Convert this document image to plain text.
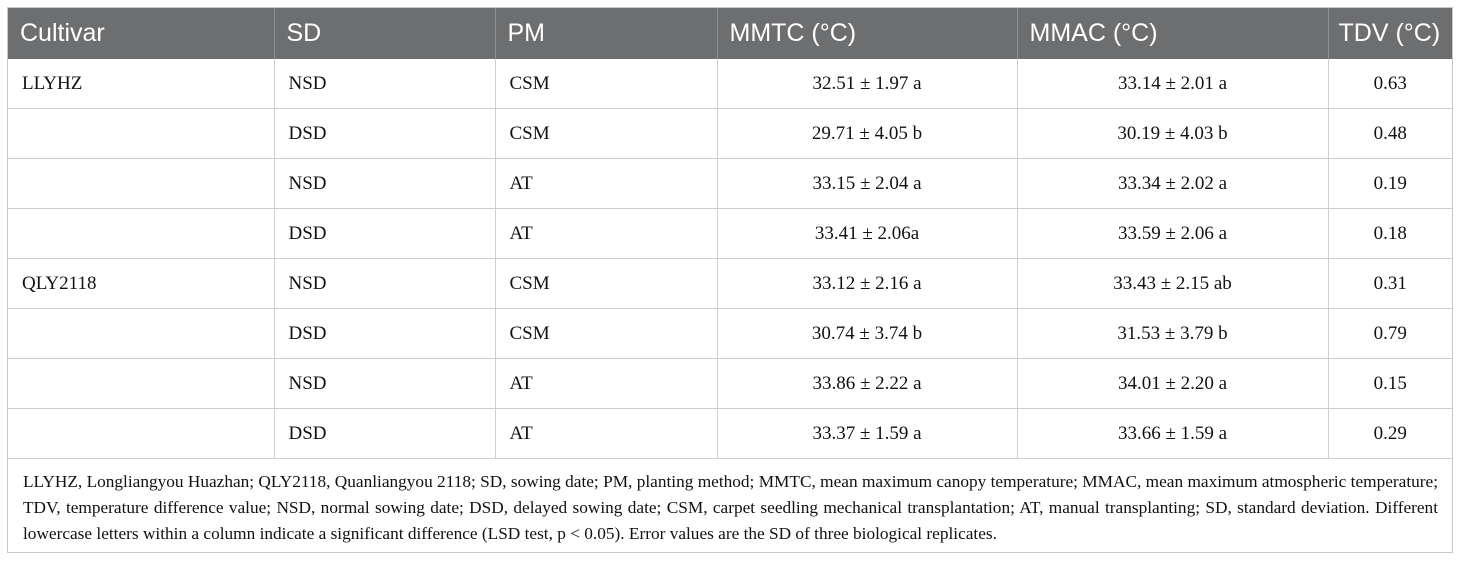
Cultivar	SD	PM	MMTC (°C)	MMAC (°C)	TDV (°C)
LLYHZ	NSD	CSM	32.51 ± 1.97 a	33.14 ± 2.01 a	0.63
	DSD	CSM	29.71 ± 4.05 b	30.19 ± 4.03 b	0.48
	NSD	AT	33.15 ± 2.04 a	33.34 ± 2.02 a	0.19
	DSD	AT	33.41 ± 2.06a	33.59 ± 2.06 a	0.18
QLY2118	NSD	CSM	33.12 ± 2.16 a	33.43 ± 2.15 ab	0.31
	DSD	CSM	30.74 ± 3.74 b	31.53 ± 3.79 b	0.79
	NSD	AT	33.86 ± 2.22 a	34.01 ± 2.20 a	0.15
	DSD	AT	33.37 ± 1.59 a	33.66 ± 1.59 a	0.29
LLYHZ, Longliangyou Huazhan; QLY2118, Quanliangyou 2118; SD, sowing date; PM, planting method; MMTC, mean maximum canopy temperature; MMAC, mean maximum atmospheric temperature; TDV, temperature difference value; NSD, normal sowing date; DSD, delayed sowing date; CSM, carpet seedling mechanical transplantation; AT, manual transplanting; SD, standard deviation. Different lowercase letters within a column indicate a significant difference (LSD test, p < 0.05). Error values are the SD of three biological replicates.
